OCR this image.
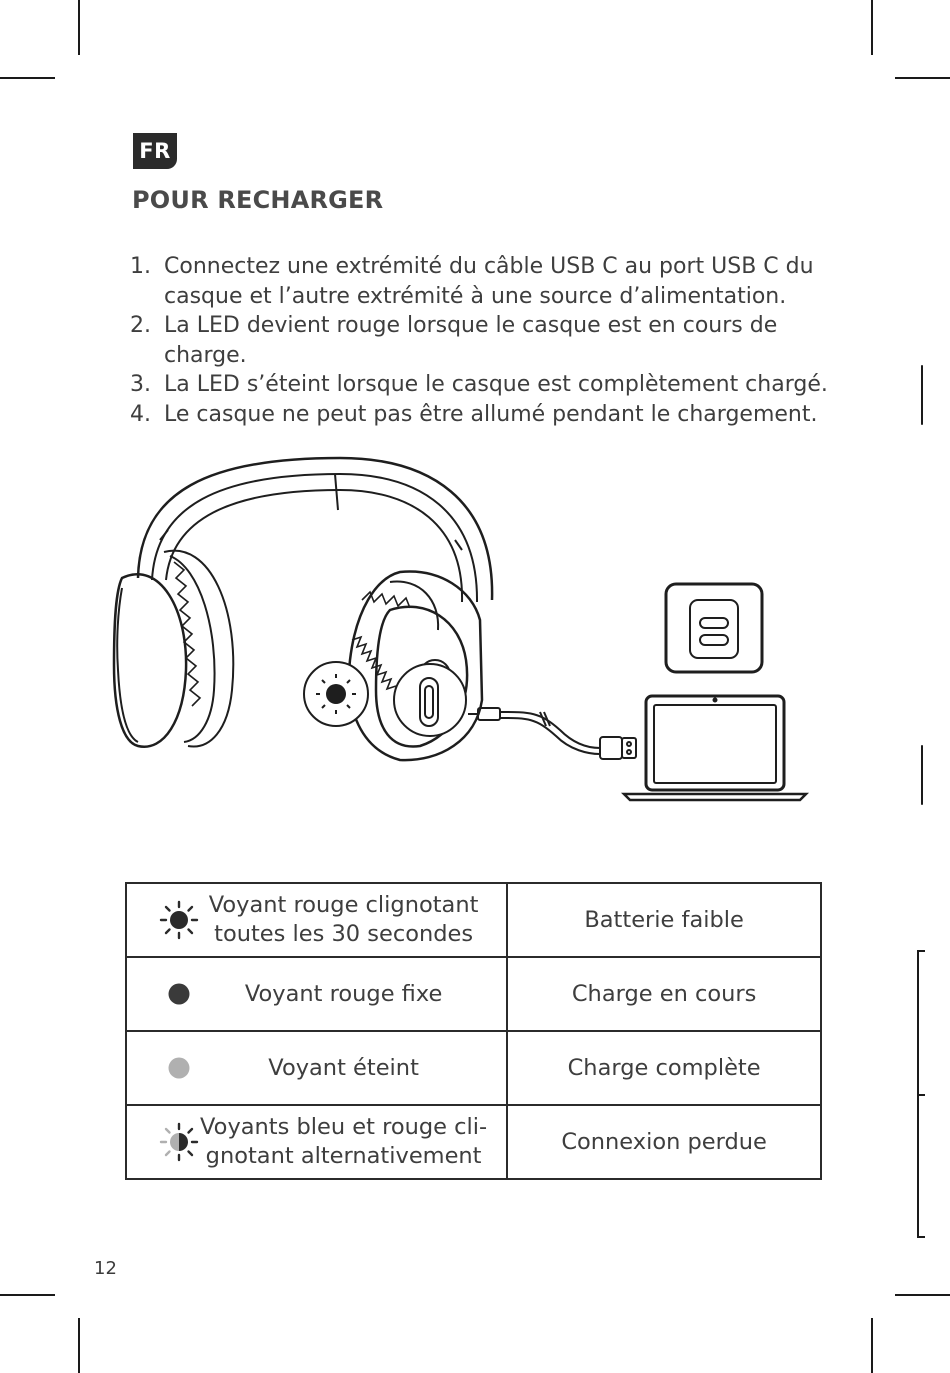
FR
POUR RECHARGER
1. Connectez une extrémité du câble USB C au port USB C du casque et l’autre extrémité à une source d’alimentation.
2. La LED devient rouge lorsque le casque est en cours de charge.
3. La LED s’éteint lorsque le casque est complètement chargé.
4. Le casque ne peut pas être allumé pendant le chargement.
Voyant rouge clignotant toutes les 30 secondes	Batterie faible

Voyant rouge fixe	Charge en cours

Voyant éteint	Charge complète

Voyants bleu et rouge cli-gnotant alternativement	Connexion perdue
12
